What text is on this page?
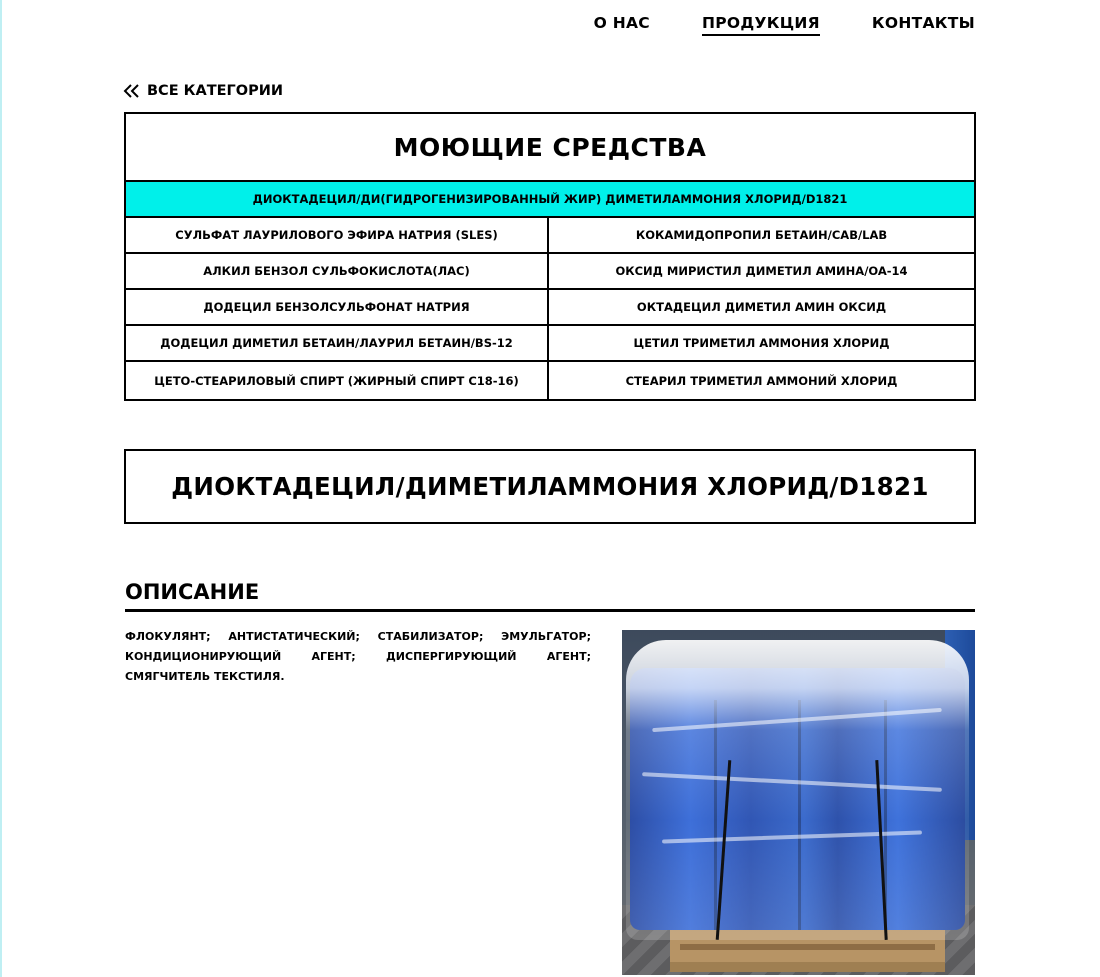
О НАС	ПРОДУКЦИЯ	КОНТАКТЫ
ВСЕ КАТЕГОРИИ
МОЮЩИЕ СРЕДСТВА
ДИОКТАДЕЦИЛ/ДИ(ГИДРОГЕНИЗИРОВАННЫЙ ЖИР) ДИМЕТИЛАММОНИЯ ХЛОРИД/D1821
СУЛЬФАТ ЛАУРИЛОВОГО ЭФИРА НАТРИЯ (SLES)	КОКАМИДОПРОПИЛ БЕТАИН/CAB/LAB
АЛКИЛ БЕНЗОЛ СУЛЬФОКИСЛОТА(ЛАС)	ОКСИД МИРИСТИЛ ДИМЕТИЛ АМИНА/OA-14
ДОДЕЦИЛ БЕНЗОЛСУЛЬФОНАТ НАТРИЯ	ОКТАДЕЦИЛ ДИМЕТИЛ АМИН ОКСИД
ДОДЕЦИЛ ДИМЕТИЛ БЕТАИН/ЛАУРИЛ БЕТАИН/BS-12	ЦЕТИЛ ТРИМЕТИЛ АММОНИЯ ХЛОРИД
ЦЕТО-СТЕАРИЛОВЫЙ СПИРТ (ЖИРНЫЙ СПИРТ С18-16)	СТЕАРИЛ ТРИМЕТИЛ АММОНИЙ ХЛОРИД
ДИОКТАДЕЦИЛ/ДИМЕТИЛАММОНИЯ ХЛОРИД/D1821
ОПИСАНИЕ
ФЛОКУЛЯНТ; АНТИСТАТИЧЕСКИЙ; СТАБИЛИЗАТОР; ЭМУЛЬГАТОР; КОНДИЦИОНИРУЮЩИЙ АГЕНТ; ДИСПЕРГИРУЮЩИЙ АГЕНТ; СМЯГЧИТЕЛЬ ТЕКСТИЛЯ.
